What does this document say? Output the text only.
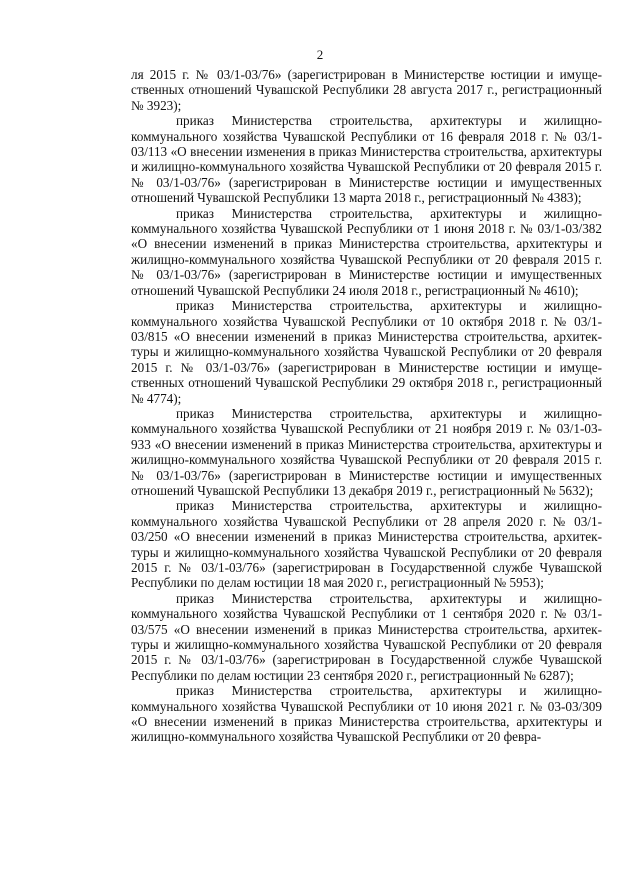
2

ля 2015 г. № 03/1-03/76» (зарегистрирован в Министерстве юстиции и имущественных отношений Чувашской Республики 28 августа 2017 г., регистрационный № 3923);

приказ Министерства строительства, архитектуры и жилищно-коммунального хозяйства Чувашской Республики от 16 февраля 2018 г. № 03/1-03/113 «О внесении изменения в приказ Министерства строительства, архитектуры и жилищно-коммунального хозяйства Чувашской Республики от 20 февраля 2015 г. № 03/1-03/76» (зарегистрирован в Министерстве юстиции и имущественных отношений Чувашской Республики 13 марта 2018 г., регистрационный № 4383);

приказ Министерства строительства, архитектуры и жилищно-коммунального хозяйства Чувашской Республики от 1 июня 2018 г. № 03/1-03/382 «О внесении изменений в приказ Министерства строительства, архитектуры и жилищно-коммунального хозяйства Чувашской Республики от 20 февраля 2015 г. № 03/1-03/76» (зарегистрирован в Министерстве юстиции и имущественных отношений Чувашской Республики 24 июля 2018 г., регистрационный № 4610);

приказ Министерства строительства, архитектуры и жилищно-коммунального хозяйства Чувашской Республики от 10 октября 2018 г. № 03/1-03/815 «О внесении изменений в приказ Министерства строительства, архитектуры и жилищно-коммунального хозяйства Чувашской Республики от 20 февраля 2015 г. № 03/1-03/76» (зарегистрирован в Министерстве юстиции и имущественных отношений Чувашской Республики 29 октября 2018 г., регистрационный № 4774);

приказ Министерства строительства, архитектуры и жилищно-коммунального хозяйства Чувашской Республики от 21 ноября 2019 г. № 03/1-03-933 «О внесении изменений в приказ Министерства строительства, архитектуры и жилищно-коммунального хозяйства Чувашской Республики от 20 февраля 2015 г. № 03/1-03/76» (зарегистрирован в Министерстве юстиции и имущественных отношений Чувашской Республики 13 декабря 2019 г., регистрационный № 5632);

приказ Министерства строительства, архитектуры и жилищно-коммунального хозяйства Чувашской Республики от 28 апреля 2020 г. № 03/1-03/250 «О внесении изменений в приказ Министерства строительства, архитектуры и жилищно-коммунального хозяйства Чувашской Республики от 20 февраля 2015 г. № 03/1-03/76» (зарегистрирован в Государственной службе Чувашской Республики по делам юстиции 18 мая 2020 г., регистрационный № 5953);

приказ Министерства строительства, архитектуры и жилищно-коммунального хозяйства Чувашской Республики от 1 сентября 2020 г. № 03/1-03/575 «О внесении изменений в приказ Министерства строительства, архитектуры и жилищно-коммунального хозяйства Чувашской Республики от 20 февраля 2015 г. № 03/1-03/76» (зарегистрирован в Государственной службе Чувашской Республики по делам юстиции 23 сентября 2020 г., регистрационный № 6287);

приказ Министерства строительства, архитектуры и жилищно-коммунального хозяйства Чувашской Республики от 10 июня 2021 г. № 03-03/309 «О внесении изменений в приказ Министерства строительства, архитектуры и жилищно-коммунального хозяйства Чувашской Республики от 20 февра-
